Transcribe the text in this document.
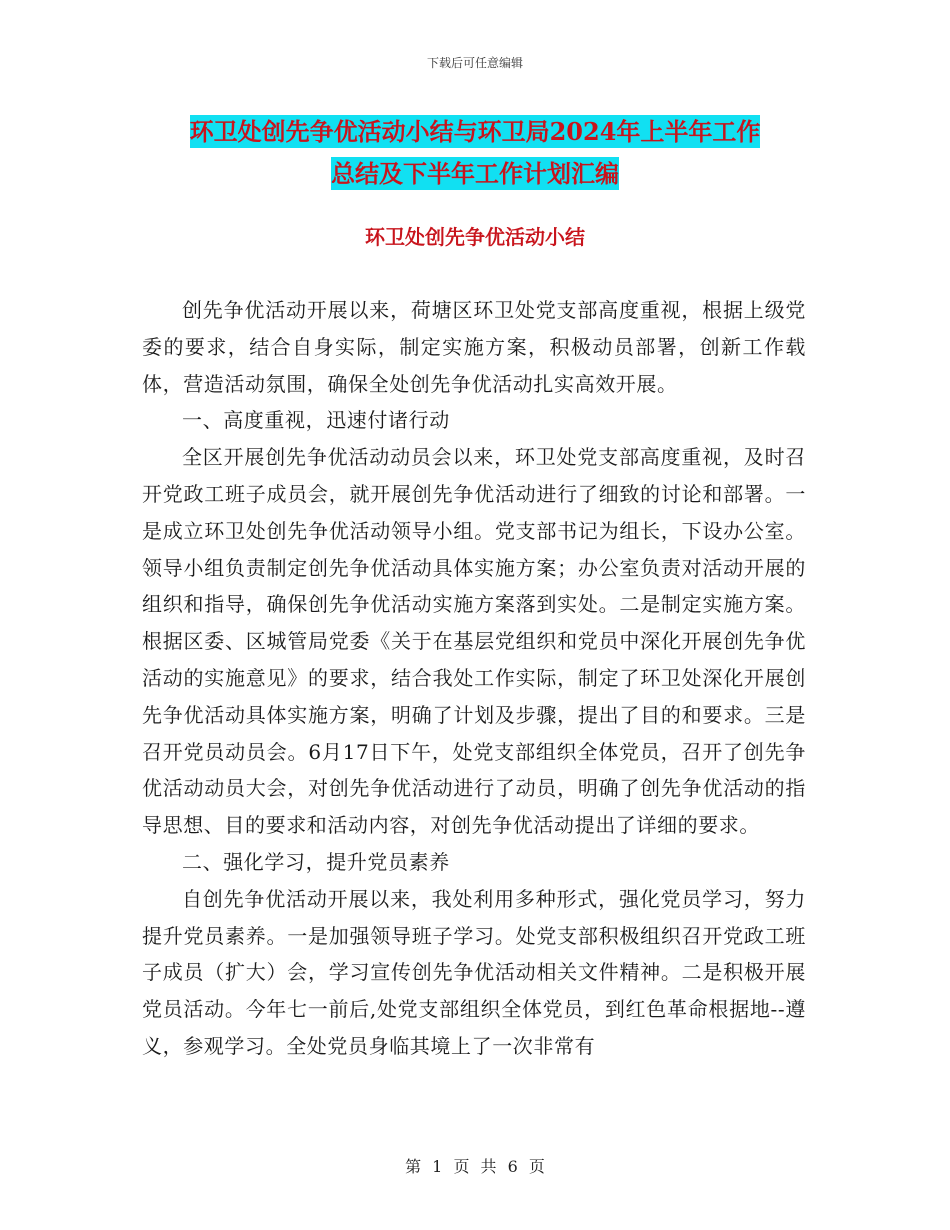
下载后可任意编辑
环卫处创先争优活动小结与环卫局2024年上半年工作
总结及下半年工作计划汇编
环卫处创先争优活动小结

创先争优活动开展以来，荷塘区环卫处党支部高度重视，根据上级党委的要求，结合自身实际，制定实施方案，积极动员部署，创新工作载体，营造活动氛围，确保全处创先争优活动扎实高效开展。

一、高度重视，迅速付诸行动

全区开展创先争优活动动员会以来，环卫处党支部高度重视，及时召开党政工班子成员会，就开展创先争优活动进行了细致的讨论和部署。一是成立环卫处创先争优活动领导小组。党支部书记为组长，下设办公室。领导小组负责制定创先争优活动具体实施方案；办公室负责对活动开展的组织和指导，确保创先争优活动实施方案落到实处。二是制定实施方案。根据区委、区城管局党委《关于在基层党组织和党员中深化开展创先争优活动的实施意见》的要求，结合我处工作实际，制定了环卫处深化开展创先争优活动具体实施方案，明确了计划及步骤，提出了目的和要求。三是召开党员动员会。6月17日下午，处党支部组织全体党员，召开了创先争优活动动员大会，对创先争优活动进行了动员，明确了创先争优活动的指导思想、目的要求和活动内容，对创先争优活动提出了详细的要求。

二、强化学习，提升党员素养

自创先争优活动开展以来，我处利用多种形式，强化党员学习，努力提升党员素养。一是加强领导班子学习。处党支部积极组织召开党政工班子成员（扩大）会，学习宣传创先争优活动相关文件精神。二是积极开展党员活动。今年七一前后,处党支部组织全体党员，到红色革命根据地--遵义，参观学习。全处党员身临其境上了一次非常有

第 1 页 共 6 页
